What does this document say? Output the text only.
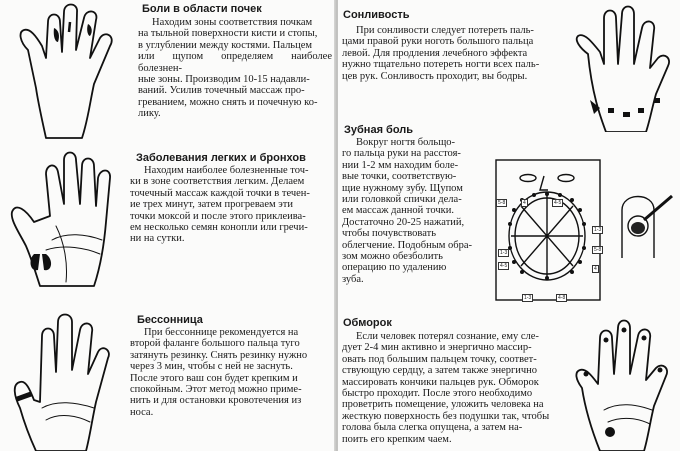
Боли в области почек

Находим зоны соответствия почкам

на тыльной поверхности кисти и стопы,

в углублении между костями. Пальцем

или щупом определяем наиболее болезнен-

ные зоны. Производим 10-15 надавли-

ваний. Усилив точечный массаж про-

греванием, можно снять и почечную ко-

лику.

Заболевания легких и бронхов

Находим наиболее болезненные точ-

ки в зоне соответствия легким. Делаем

точечный массаж каждой точки в течен-

ие трех минут, затем прогреваем эти

точки моксой и после этого приклеива-

ем несколько семян конопли или гречи-

ни на сутки.

Бессонница

При бессоннице рекомендуется на

второй фаланге большого пальца туго

затянуть резинку. Снять резинку нужно

через 3 мин, чтобы с ней не заснуть.

После этого ваш сон будет крепким и

спокойным. Этот метод можно приме-

нить и для остановки кровотечения из

носа.

Сонливость

При сонливости следует потереть паль-

цами правой руки ноготь большого пальца

левой. Для продления лечебного эффекта

нужно тщательно потереть ногти всех паль-

цев рук. Сонливость проходит, вы бодры.

Зубная боль

Вокруг ногтя больщо-

го пальца руки на расстоя-

нии 1-2 мм находим боле-

вые точки, соответствую-

щие нужному зубу. Щупом

или головкой спички дела-

ем массаж данной точки.

Достаточно 20-25 нажатий,

чтобы почувствовать

облегчение. Подобным обра-

зом можно обезболить

операцию по удалению

зуба.

5-8	4	4-5
1-3
5-8
1-3
4-5	4
1-3	4-8
Обморок

Если человек потерял сознание, ему сле-

дует 2-4 мин активно и энергично массир-

овать под большим пальцем точку, соответ-

ствующую сердцу, а затем также энергично

массировать кончики пальцев рук. Обморок

быстро проходит. После этого необходимо

проветрить помещение, уложить человека на

жесткую поверхность без подушки так, чтобы

голова была слегка опущена, а затем на-

поить его крепким чаем.
